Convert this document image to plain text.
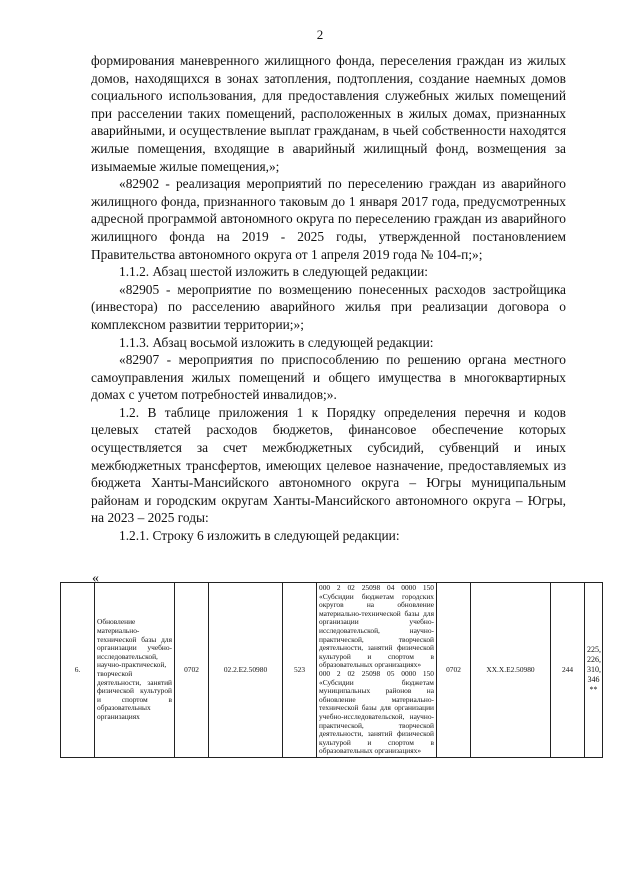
2

формирования маневренного жилищного фонда, переселения граждан из жилых домов, находящихся в зонах затопления, подтопления, создание наемных домов социального использования, для предоставления служебных жилых помещений при расселении таких помещений, расположенных в жилых домах, признанных аварийными, и осуществление выплат гражданам, в чьей собственности находятся жилые помещения, входящие в аварийный жилищный фонд, возмещения за изымаемые жилые помещения,»;

«82902 - реализация мероприятий по переселению граждан из аварийного жилищного фонда, признанного таковым до 1 января 2017 года, предусмотренных адресной программой автономного округа по переселению граждан из аварийного жилищного фонда на 2019 - 2025 годы, утвержденной постановлением Правительства автономного округа от 1 апреля 2019 года № 104-п;»;

1.1.2. Абзац шестой изложить в следующей редакции:

«82905 - мероприятие по возмещению понесенных расходов застройщика (инвестора) по расселению аварийного жилья при реализации договора о комплексном развитии территории;»;

1.1.3. Абзац восьмой изложить в следующей редакции:

«82907 - мероприятия по приспособлению по решению органа местного самоуправления жилых помещений и общего имущества в многоквартирных домах с учетом потребностей инвалидов;».

1.2. В таблице приложения 1 к Порядку определения перечня и кодов целевых статей расходов бюджетов, финансовое обеспечение которых осуществляется за счет межбюджетных субсидий, субвенций и иных межбюджетных трансфертов, имеющих целевое назначение, предоставляемых из бюджета Ханты-Мансийского автономного округа – Югры муниципальным районам и городским округам Ханты-Мансийского автономного округа – Югры, на 2023 – 2025 годы:

1.2.1. Строку 6 изложить в следующей редакции:

«
6.	Обновление материально-технической базы для организации учебно-исследовательской, научно-практической, творческой деятельности, занятий физической культурой и спортом в образовательных организациях	0702	02.2.Е2.50980	523	000 2 02 25098 04 0000 150 «Субсидии бюджетам городских округов на обновление материально-технической базы для организации учебно-исследовательской, научно-практической, творческой деятельности, занятий физической культурой и спортом в образовательных организациях»
000 2 02 25098 05 0000 150 «Субсидии бюджетам муниципальных районов на обновление материально-технической базы для организации учебно-исследовательской, научно-практической, творческой деятельности, занятий физической культурой и спортом в образовательных организациях»	0702	ХХ.Х.Е2.50980	244	225,
226,
310,
346
**
